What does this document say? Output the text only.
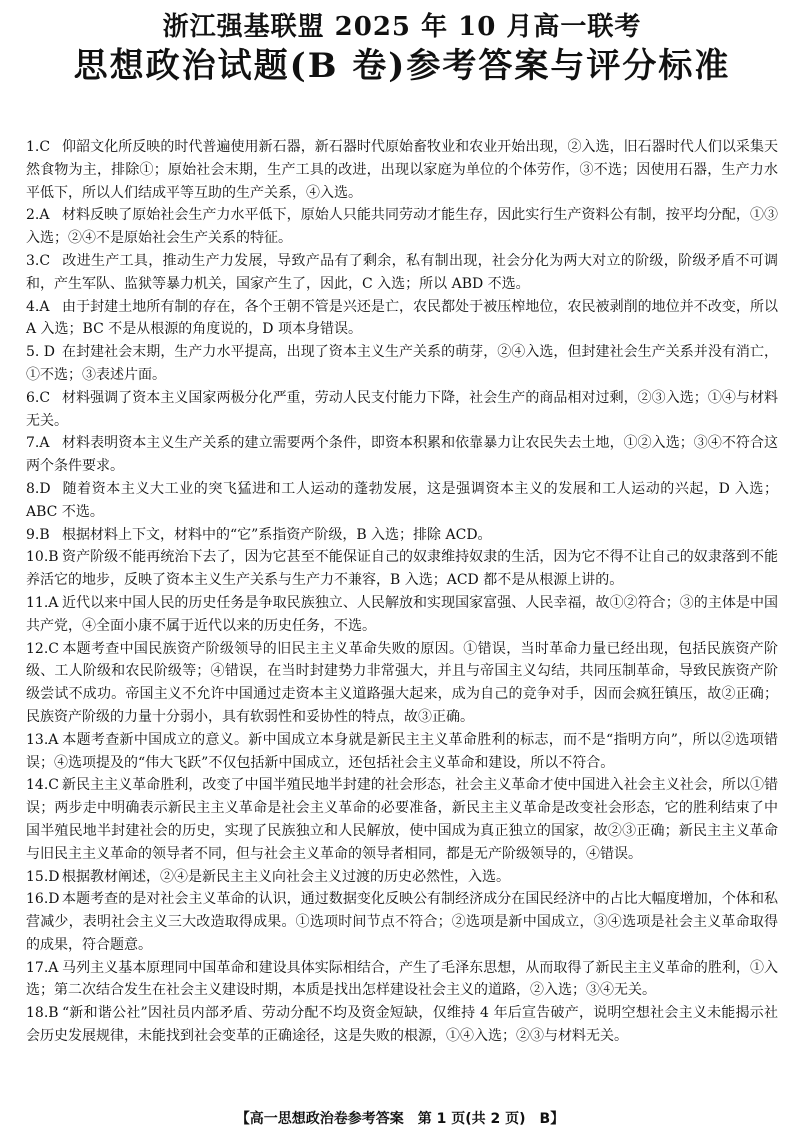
浙江强基联盟 2025 年 10 月高一联考
思想政治试题(B 卷)参考答案与评分标准

1.C 仰韶文化所反映的时代普遍使用新石器，新石器时代原始畜牧业和农业开始出现，②入选，旧石器时代人们以采集天然食物为主，排除①；原始社会末期，生产工具的改进，出现以家庭为单位的个体劳作，③不选；因使用石器，生产力水平低下，所以人们结成平等互助的生产关系，④入选。

2.A 材料反映了原始社会生产力水平低下，原始人只能共同劳动才能生存，因此实行生产资料公有制，按平均分配，①③入选；②④不是原始社会生产关系的特征。

3.C 改进生产工具，推动生产力发展，导致产品有了剩余，私有制出现，社会分化为两大对立的阶级，阶级矛盾不可调和，产生军队、监狱等暴力机关，国家产生了，因此，C 入选；所以 ABD 不选。

4.A 由于封建土地所有制的存在，各个王朝不管是兴还是亡，农民都处于被压榨地位，农民被剥削的地位并不改变，所以 A 入选；BC 不是从根源的角度说的，D 项本身错误。

5. D 在封建社会末期，生产力水平提高，出现了资本主义生产关系的萌芽，②④入选，但封建社会生产关系并没有消亡，①不选；③表述片面。

6.C 材料强调了资本主义国家两极分化严重，劳动人民支付能力下降，社会生产的商品相对过剩，②③入选；①④与材料无关。

7.A 材料表明资本主义生产关系的建立需要两个条件，即资本积累和依靠暴力让农民失去土地，①②入选；③④不符合这两个条件要求。

8.D 随着资本主义大工业的突飞猛进和工人运动的蓬勃发展，这是强调资本主义的发展和工人运动的兴起，D 入选；ABC 不选。

9.B 根据材料上下文，材料中的“它”系指资产阶级，B 入选；排除 ACD。

10.B 资产阶级不能再统治下去了，因为它甚至不能保证自己的奴隶维持奴隶的生活，因为它不得不让自己的奴隶落到不能养活它的地步，反映了资本主义生产关系与生产力不兼容，B 入选；ACD 都不是从根源上讲的。

11.A 近代以来中国人民的历史任务是争取民族独立、人民解放和实现国家富强、人民幸福，故①②符合；③的主体是中国共产党，④全面小康不属于近代以来的历史任务，不选。

12.C 本题考查中国民族资产阶级领导的旧民主主义革命失败的原因。①错误，当时革命力量已经出现，包括民族资产阶级、工人阶级和农民阶级等；④错误，在当时封建势力非常强大，并且与帝国主义勾结，共同压制革命，导致民族资产阶级尝试不成功。帝国主义不允许中国通过走资本主义道路强大起来，成为自己的竞争对手，因而会疯狂镇压，故②正确；民族资产阶级的力量十分弱小，具有软弱性和妥协性的特点，故③正确。

13.A 本题考查新中国成立的意义。新中国成立本身就是新民主主义革命胜利的标志，而不是“指明方向”，所以②选项错误；④选项提及的“伟大飞跃”不仅包括新中国成立，还包括社会主义革命和建设，所以不符合。

14.C 新民主主义革命胜利，改变了中国半殖民地半封建的社会形态，社会主义革命才使中国进入社会主义社会，所以①错误；两步走中明确表示新民主主义革命是社会主义革命的必要准备，新民主主义革命是改变社会形态，它的胜利结束了中国半殖民地半封建社会的历史，实现了民族独立和人民解放，使中国成为真正独立的国家，故②③正确；新民主主义革命与旧民主主义革命的领导者不同，但与社会主义革命的领导者相同，都是无产阶级领导的，④错误。

15.D 根据教材阐述，②④是新民主主义向社会主义过渡的历史必然性，入选。

16.D 本题考查的是对社会主义革命的认识，通过数据变化反映公有制经济成分在国民经济中的占比大幅度增加，个体和私营减少，表明社会主义三大改造取得成果。①选项时间节点不符合；②选项是新中国成立，③④选项是社会主义革命取得的成果，符合题意。

17.A 马列主义基本原理同中国革命和建设具体实际相结合，产生了毛泽东思想，从而取得了新民主主义革命的胜利，①入选；第二次结合发生在社会主义建设时期，本质是找出怎样建设社会主义的道路，②入选；③④无关。

18.B “新和谐公社”因社员内部矛盾、劳动分配不均及资金短缺，仅维持 4 年后宣告破产，说明空想社会主义未能揭示社会历史发展规律，未能找到社会变革的正确途径，这是失败的根源，①④入选；②③与材料无关。

【高一思想政治卷参考答案　第 1 页(共 2 页)　B】
